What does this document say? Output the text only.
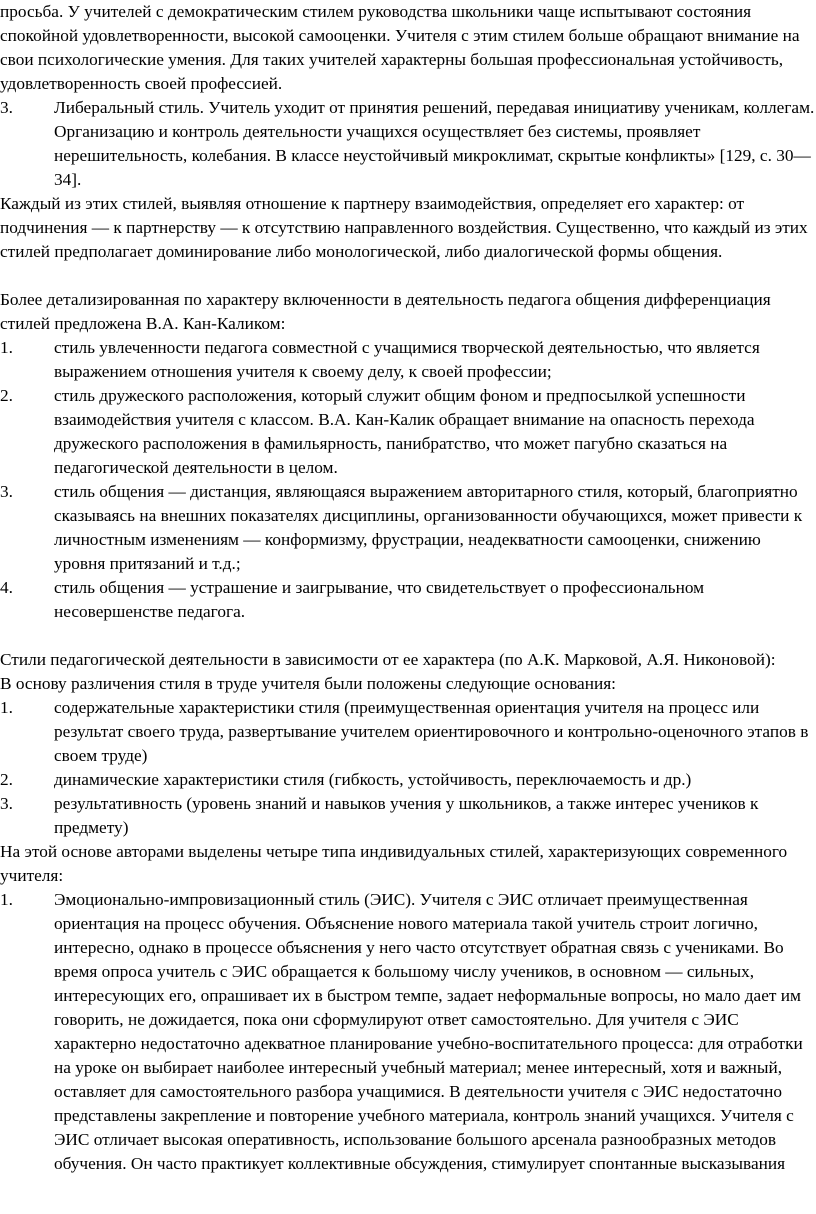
просьба. У учителей с демократическим стилем руководства школьники чаще испытывают состояния спокойной удовлетворенности, высокой самооценки. Учителя с этим стилем больше обращают внимание на свои психологические умения. Для таких учителей характерны большая профессиональная устойчивость, удовлетворенность своей профессией.

3.	Либеральный стиль. Учитель уходит от принятия решений, передавая инициативу ученикам, коллегам. Организацию и контроль деятельности учащихся осуществляет без системы, проявляет нерешительность, колебания. В классе неустойчивый микроклимат, скрытые конфликты» [129, с. 30—34].

Каждый из этих стилей, выявляя отношение к партнеру взаимодействия, определяет его характер: от подчинения — к партнерству — к отсутствию направленного воздействия. Существенно, что каждый из этих стилей предполагает доминирование либо монологической, либо диалогической формы общения.

Более детализированная по характеру включенности в деятельность педагога общения дифференциация стилей предложена В.А. Кан-Каликом:

1.	стиль увлеченности педагога совместной с учащимися творческой деятельностью, что является выражением отношения учителя к своему делу, к своей профессии;
2.	стиль дружеского расположения, который служит общим фоном и предпосылкой успешности взаимодействия учителя с классом. В.А. Кан-Калик обращает внимание на опасность перехода дружеского расположения в фамильярность, панибратство, что может пагубно сказаться на педагогической деятельности в целом.
3.	стиль общения — дистанция, являющаяся выражением авторитарного стиля, который, благоприятно сказываясь на внешних показателях дисциплины, организованности обучающихся, может привести к личностным изменениям — конформизму, фрустрации, неадекватности самооценки, снижению уровня притязаний и т.д.;
4.	стиль общения — устрашение и заигрывание, что свидетельствует о профессиональном несовершенстве педагога.

Стили педагогической деятельности в зависимости от ее характера (по А.К. Марковой, А.Я. Никоновой):

В основу различения стиля в труде учителя были положены следующие основания:

1.	содержательные характеристики стиля (преимущественная ориентация учителя на процесс или результат своего труда, развертывание учителем ориентировочного и контрольно-оценочного этапов в своем труде)
2.	динамические характеристики стиля (гибкость, устойчивость, переключаемость и др.)
3.	результативность (уровень знаний и навыков учения у школьников, а также интерес учеников к предмету)

На этой основе авторами выделены четыре типа индивидуальных стилей, характеризующих современного учителя:

1.	Эмоционально-импровизационный стиль (ЭИС). Учителя с ЭИС отличает преимущественная ориентация на процесс обучения. Объяснение нового материала такой учитель строит логично, интересно, однако в процессе объяснения у него часто отсутствует обратная связь с учениками. Во время опроса учитель с ЭИС обращается к большому числу учеников, в основном — сильных, интересующих его, опрашивает их в быстром темпе, задает неформальные вопросы, но мало дает им говорить, не дожидается, пока они сформулируют ответ самостоятельно. Для учителя с ЭИС характерно недостаточно адекватное планирование учебно-воспитательного процесса: для отработки на уроке он выбирает наиболее интересный учебный материал; менее интересный, хотя и важный, оставляет для самостоятельного разбора учащимися. В деятельности учителя с ЭИС недостаточно представлены закрепление и повторение учебного материала, контроль знаний учащихся. Учителя с ЭИС отличает высокая оперативность, использование большого арсенала разнообразных методов обучения. Он часто практикует коллективные обсуждения, стимулирует спонтанные высказывания
